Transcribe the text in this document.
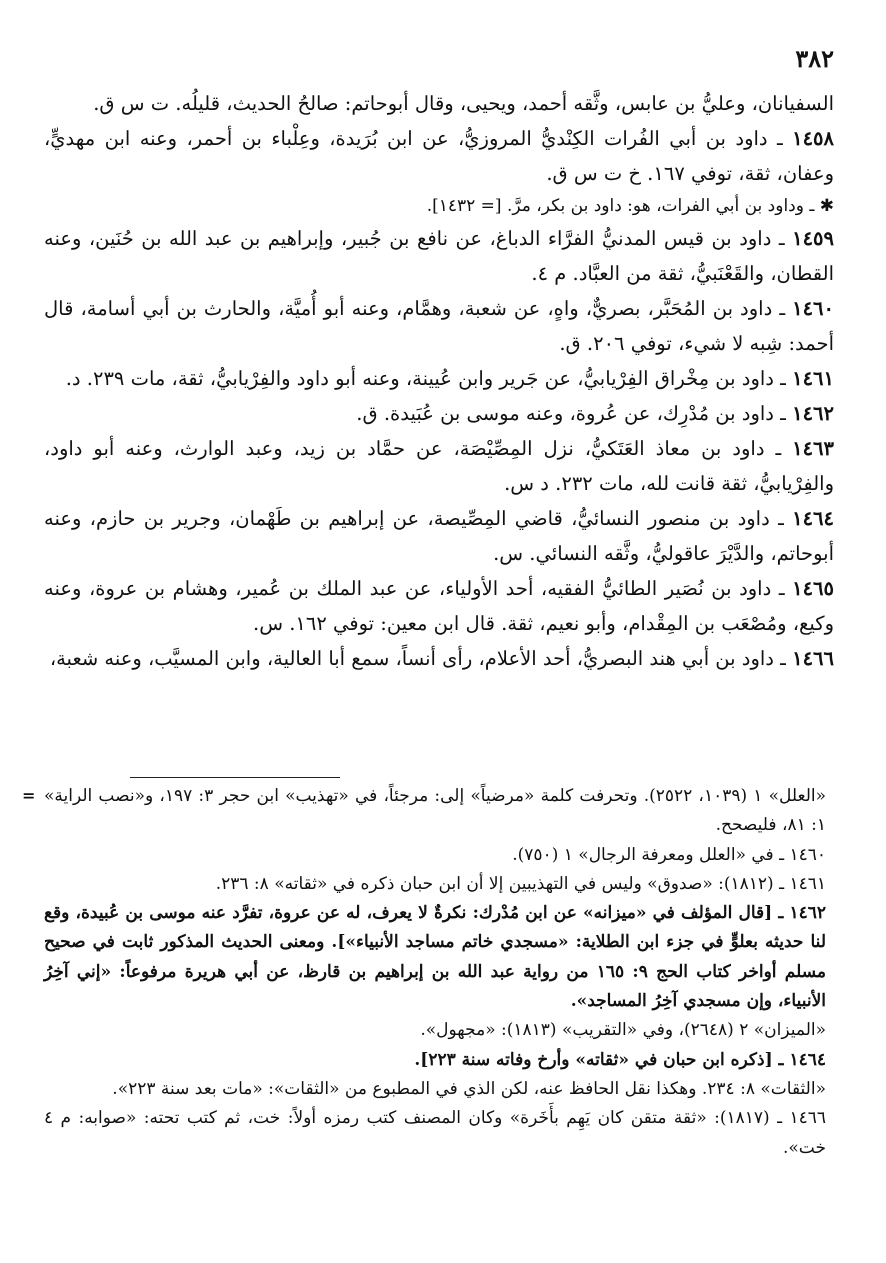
٣٨٢

السفيانان، وعليُّ بن عابس، وثَّقه أحمد، ويحيى، وقال أبوحاتم: صالحُ الحديث، قليلُه. ت س ق.

١٤٥٨ ـ داود بن أبي الفُرات الكِنْديُّ المروزيُّ، عن ابن بُرَيدة، وعِلْباء بن أحمر، وعنه ابن مهديٍّ، وعفان، ثقة، توفي ١٦٧. خ ت س ق.

✱ ـ وداود بن أبي الفرات، هو: داود بن بكر، مرَّ. [= ١٤٣٢].

١٤٥٩ ـ داود بن قيس المدنيُّ الفرَّاء الدباغ، عن نافع بن جُبير، وإبراهيم بن عبد الله بن حُنَين، وعنه القطان، والقَعْنَبيُّ، ثقة من العبَّاد. م ٤.

١٤٦٠ ـ داود بن المُحَبَّر، بصريٌّ، واهٍ، عن شعبة، وهمَّام، وعنه أبو أُميَّة، والحارث بن أبي أسامة، قال أحمد: شِبه لا شيء، توفي ٢٠٦. ق.

١٤٦١ ـ داود بن مِخْراق الفِرْيابيُّ، عن جَرير وابن عُيينة، وعنه أبو داود والفِرْيابيُّ، ثقة، مات ٢٣٩. د.

١٤٦٢ ـ داود بن مُدْرِك، عن عُروة، وعنه موسى بن عُبَيدة. ق.

١٤٦٣ ـ داود بن معاذ العَتَكيُّ، نزل المِصِّيْصَة، عن حمَّاد بن زيد، وعبد الوارث، وعنه أبو داود، والفِرْيابيُّ، ثقة قانت لله، مات ٢٣٢. د س.

١٤٦٤ ـ داود بن منصور النسائيُّ، قاضي المِصِّيصة، عن إبراهيم بن طَهْمان، وجرير بن حازم، وعنه أبوحاتم، والدَّيْرَ عاقوليُّ، وثَّقه النسائي. س.

١٤٦٥ ـ داود بن نُصَير الطائيُّ الفقيه، أحد الأولياء، عن عبد الملك بن عُمير، وهشام بن عروة، وعنه وكيع، ومُصْعَب بن المِقْدام، وأبو نعيم، ثقة. قال ابن معين: توفي ١٦٢. س.

١٤٦٦ ـ داود بن أبي هند البصريُّ، أحد الأعلام، رأى أنساً، سمع أبا العالية، وابن المسيَّب، وعنه شعبة،

= «العلل» ١ (١٠٣٩، ٢٥٢٢). وتحرفت كلمة «مرضياً» إلى: مرجئاً، في «تهذيب» ابن حجر ٣: ١٩٧، و«نصب الراية» ١: ٨١، فليصحح.

١٤٦٠ ـ في «العلل ومعرفة الرجال» ١ (٧٥٠).

١٤٦١ ـ (١٨١٢): «صدوق» وليس في التهذيبين إلا أن ابن حبان ذكره في «ثقاته» ٨: ٢٣٦.

١٤٦٢ ـ [قال المؤلف في «ميزانه» عن ابن مُدْرك: نكرةٌ لا يعرف، له عن عروة، تفرَّد عنه موسى بن عُبيدة، وقع لنا حديثه بعلوٍّ في جزء ابن الطلاية: «مسجدي خاتم مساجد الأنبياء»]. ومعنى الحديث المذكور ثابت في صحيح مسلم أواخر كتاب الحج ٩: ١٦٥ من رواية عبد الله بن إبراهيم بن قارظ، عن أبي هريرة مرفوعاً: «إني آخِرُ الأنبياء، وإن مسجدي آخِرُ المساجد».

«الميزان» ٢ (٢٦٤٨)، وفي «التقريب» (١٨١٣): «مجهول».

١٤٦٤ ـ [ذكره ابن حبان في «ثقاته» وأرخ وفاته سنة ٢٢٣].

«الثقات» ٨: ٢٣٤. وهكذا نقل الحافظ عنه، لكن الذي في المطبوع من «الثقات»: «مات بعد سنة ٢٢٣».

١٤٦٦ ـ (١٨١٧): «ثقة متقن كان يَهِم بأَخَرة» وكان المصنف كتب رمزه أولاً: خت، ثم كتب تحته: «صوابه: م ٤ خت».
